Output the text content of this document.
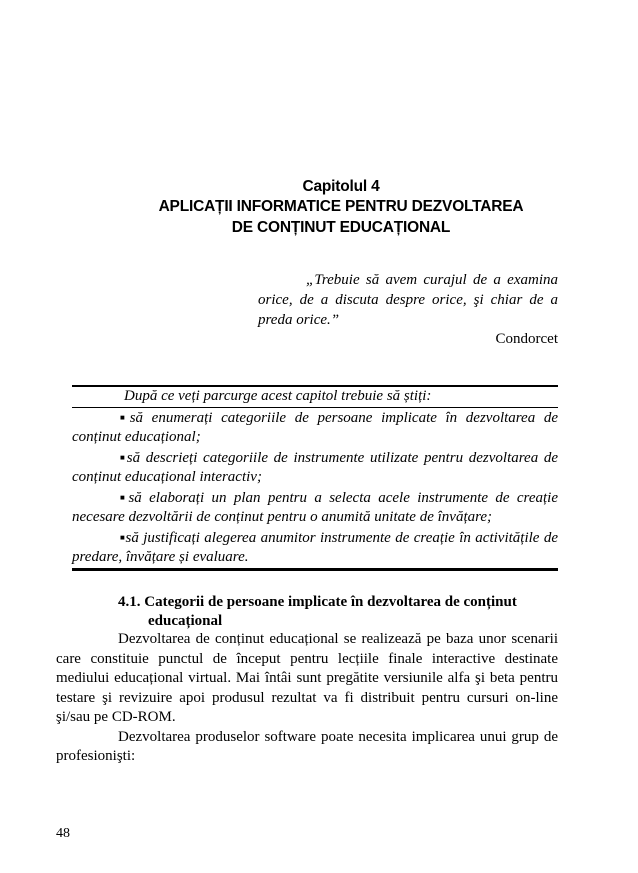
Capitolul 4
APLICAȚII INFORMATICE PENTRU DEZVOLTAREA
DE CONȚINUT EDUCAȚIONAL
„Trebuie să avem curajul de a examina orice, de a discuta despre orice, şi chiar de a preda orice.”
Condorcet

După ce veți parcurge acest capitol trebuie să știți:

■să enumerați categoriile de persoane implicate în dezvoltarea de conținut educațional;

■să descrieți categoriile de instrumente utilizate pentru dezvoltarea de conținut educațional interactiv;

■să elaborați un plan pentru a selecta acele instrumente de creație necesare dezvoltării de conținut pentru o anumită unitate de învățare;

■să justificați alegerea anumitor instrumente de creație în activitățile de predare, învățare și evaluare.

4.1. Categorii de persoane implicate în dezvoltarea de conținut
educațional

Dezvoltarea de conținut educațional se realizează pe baza unor scenarii care constituie punctul de început pentru lecțiile finale interactive destinate mediului educațional virtual. Mai întâi sunt pregătite versiunile alfa şi beta pentru testare şi revizuire apoi produsul rezultat va fi distribuit pentru cursuri on-line şi/sau pe CD-ROM.

Dezvoltarea produselor software poate necesita implicarea unui grup de profesionişti:

48
